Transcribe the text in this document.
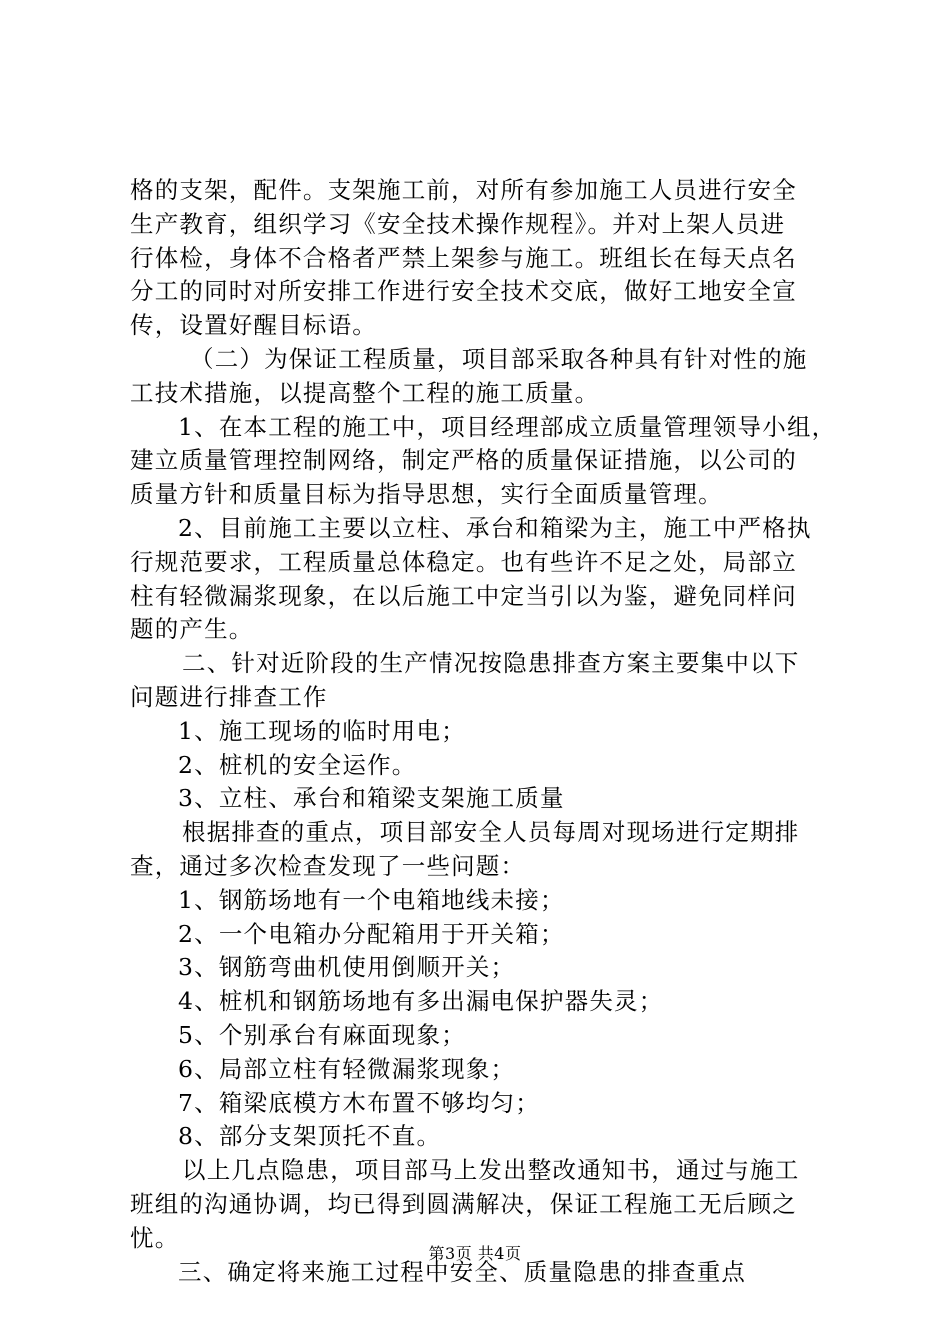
格的支架，配件。支架施工前，对所有参加施工人员进行安全
生产教育，组织学习《安全技术操作规程》。并对上架人员进
行体检，身体不合格者严禁上架参与施工。班组长在每天点名
分工的同时对所安排工作进行安全技术交底，做好工地安全宣
传，设置好醒目标语。
（二）为保证工程质量，项目部采取各种具有针对性的施
工技术措施，以提高整个工程的施工质量。
1、在本工程的施工中，项目经理部成立质量管理领导小组，
建立质量管理控制网络，制定严格的质量保证措施，以公司的
质量方针和质量目标为指导思想，实行全面质量管理。
2、目前施工主要以立柱、承台和箱梁为主，施工中严格执
行规范要求，工程质量总体稳定。也有些许不足之处，局部立
柱有轻微漏浆现象，在以后施工中定当引以为鉴，避免同样问
题的产生。
二、针对近阶段的生产情况按隐患排查方案主要集中以下
问题进行排查工作
1、施工现场的临时用电；
2、桩机的安全运作。
3、立柱、承台和箱梁支架施工质量
根据排查的重点，项目部安全人员每周对现场进行定期排
查，通过多次检查发现了一些问题：
1、钢筋场地有一个电箱地线未接；
2、一个电箱办分配箱用于开关箱；
3、钢筋弯曲机使用倒顺开关；
4、桩机和钢筋场地有多出漏电保护器失灵；
5、个别承台有麻面现象；
6、局部立柱有轻微漏浆现象；
7、箱梁底模方木布置不够均匀；
8、部分支架顶托不直。
以上几点隐患，项目部马上发出整改通知书，通过与施工
班组的沟通协调，均已得到圆满解决，保证工程施工无后顾之
忧。
三、确定将来施工过程中安全、质量隐患的排查重点
第3页 共4页
